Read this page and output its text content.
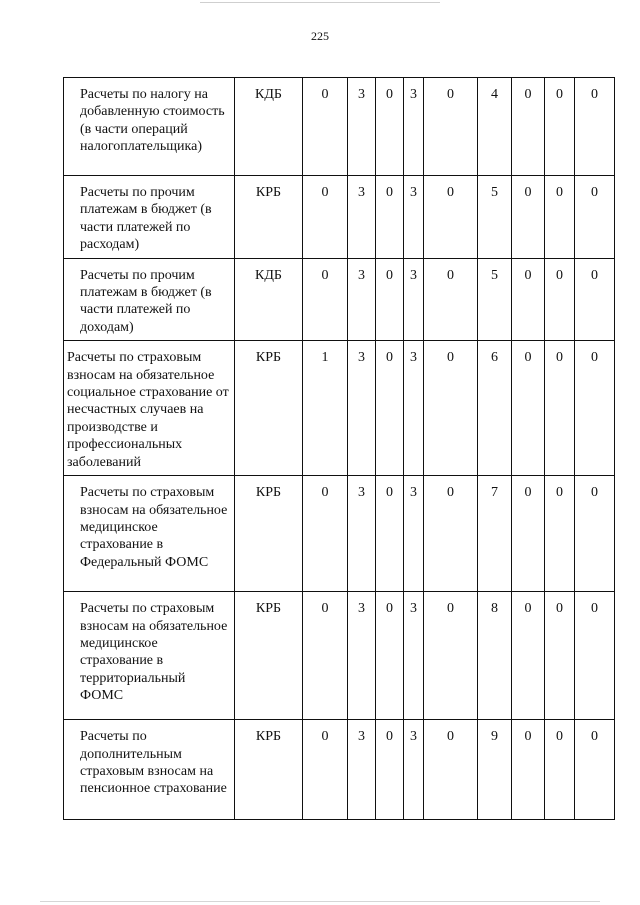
225
Расчеты по налогу на добавленную стоимость (в части операций налогоплательщика)	КДБ	0	3	0	3	0	4	0	0	0
Расчеты по прочим платежам в бюджет (в части платежей по расходам)	КРБ	0	3	0	3	0	5	0	0	0
Расчеты по прочим платежам в бюджет (в части платежей по доходам)	КДБ	0	3	0	3	0	5	0	0	0
Расчеты по страховым взносам на обязательное социальное страхование от несчастных случаев на производстве и профессиональных заболеваний	КРБ	1	3	0	3	0	6	0	0	0
Расчеты по страховым взносам на обязательное медицинское страхование в Федеральный ФОМС	КРБ	0	3	0	3	0	7	0	0	0
Расчеты по страховым взносам на обязательное медицинское страхование в территориальный ФОМС	КРБ	0	3	0	3	0	8	0	0	0
Расчеты по дополнительным страховым взносам на пенсионное страхование	КРБ	0	3	0	3	0	9	0	0	0
